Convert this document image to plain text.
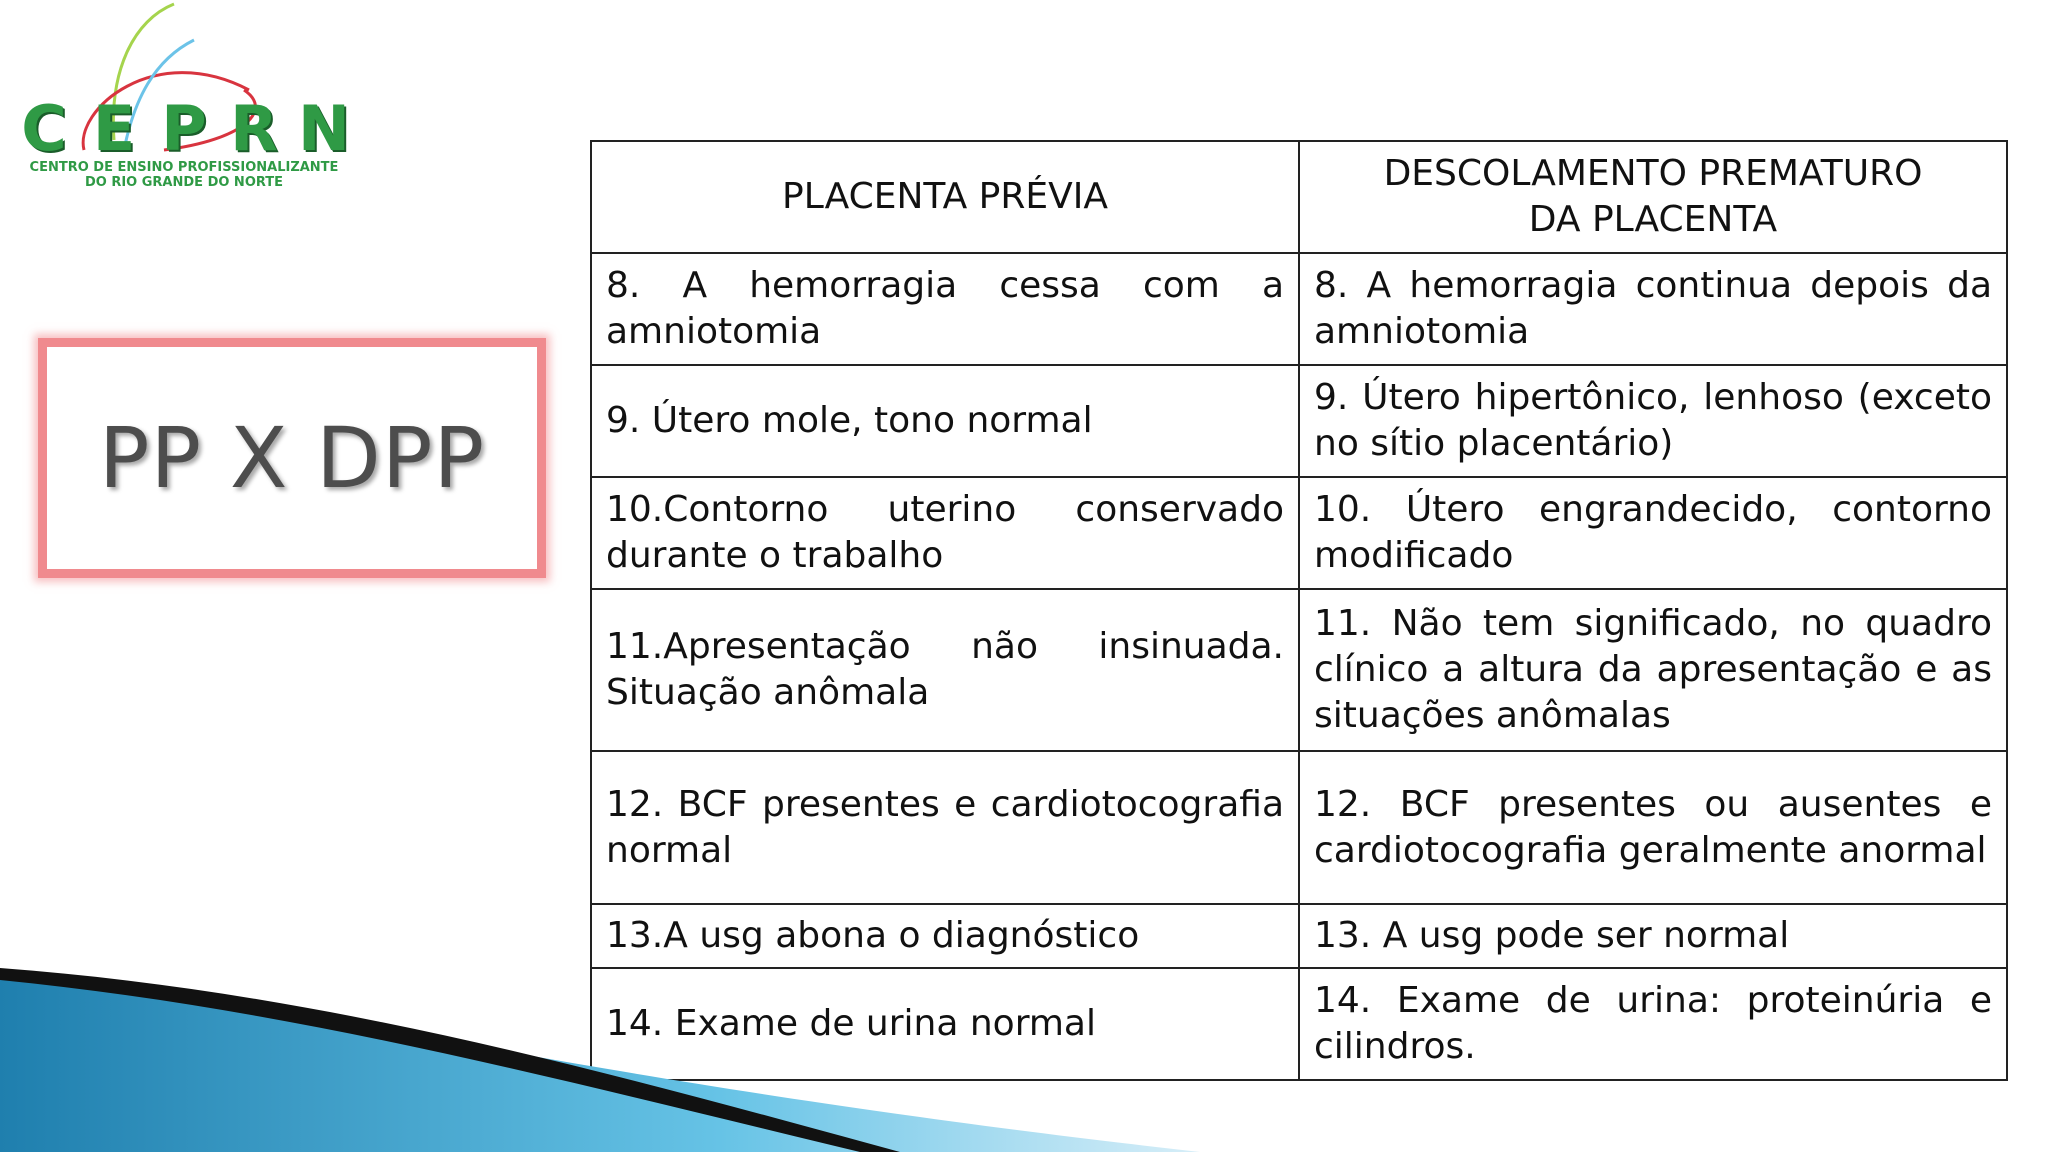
C E P R N
CENTRO DE ENSINO PROFISSIONALIZANTE
DO RIO GRANDE DO NORTE
PP X DPP
PLACENTA PRÉVIA	DESCOLAMENTO PREMATURO DA PLACENTA
8. A hemorragia cessa com a amniotomia	8. A hemorragia continua depois da amniotomia
9. Útero mole, tono normal	9. Útero hipertônico, lenhoso (exceto no sítio placentário)
10.Contorno uterino conservado durante o trabalho	10. Útero engrandecido, contorno modificado
11.Apresentação não insinuada. Situação anômala	11. Não tem significado, no quadro clínico a altura da apresentação e as situações anômalas
12. BCF presentes e cardiotocografia normal	12. BCF presentes ou ausentes e cardiotocografia geralmente anormal
13.A usg abona o diagnóstico	13. A usg pode ser normal
14. Exame de urina normal	14. Exame de urina: proteinúria e cilindros.
